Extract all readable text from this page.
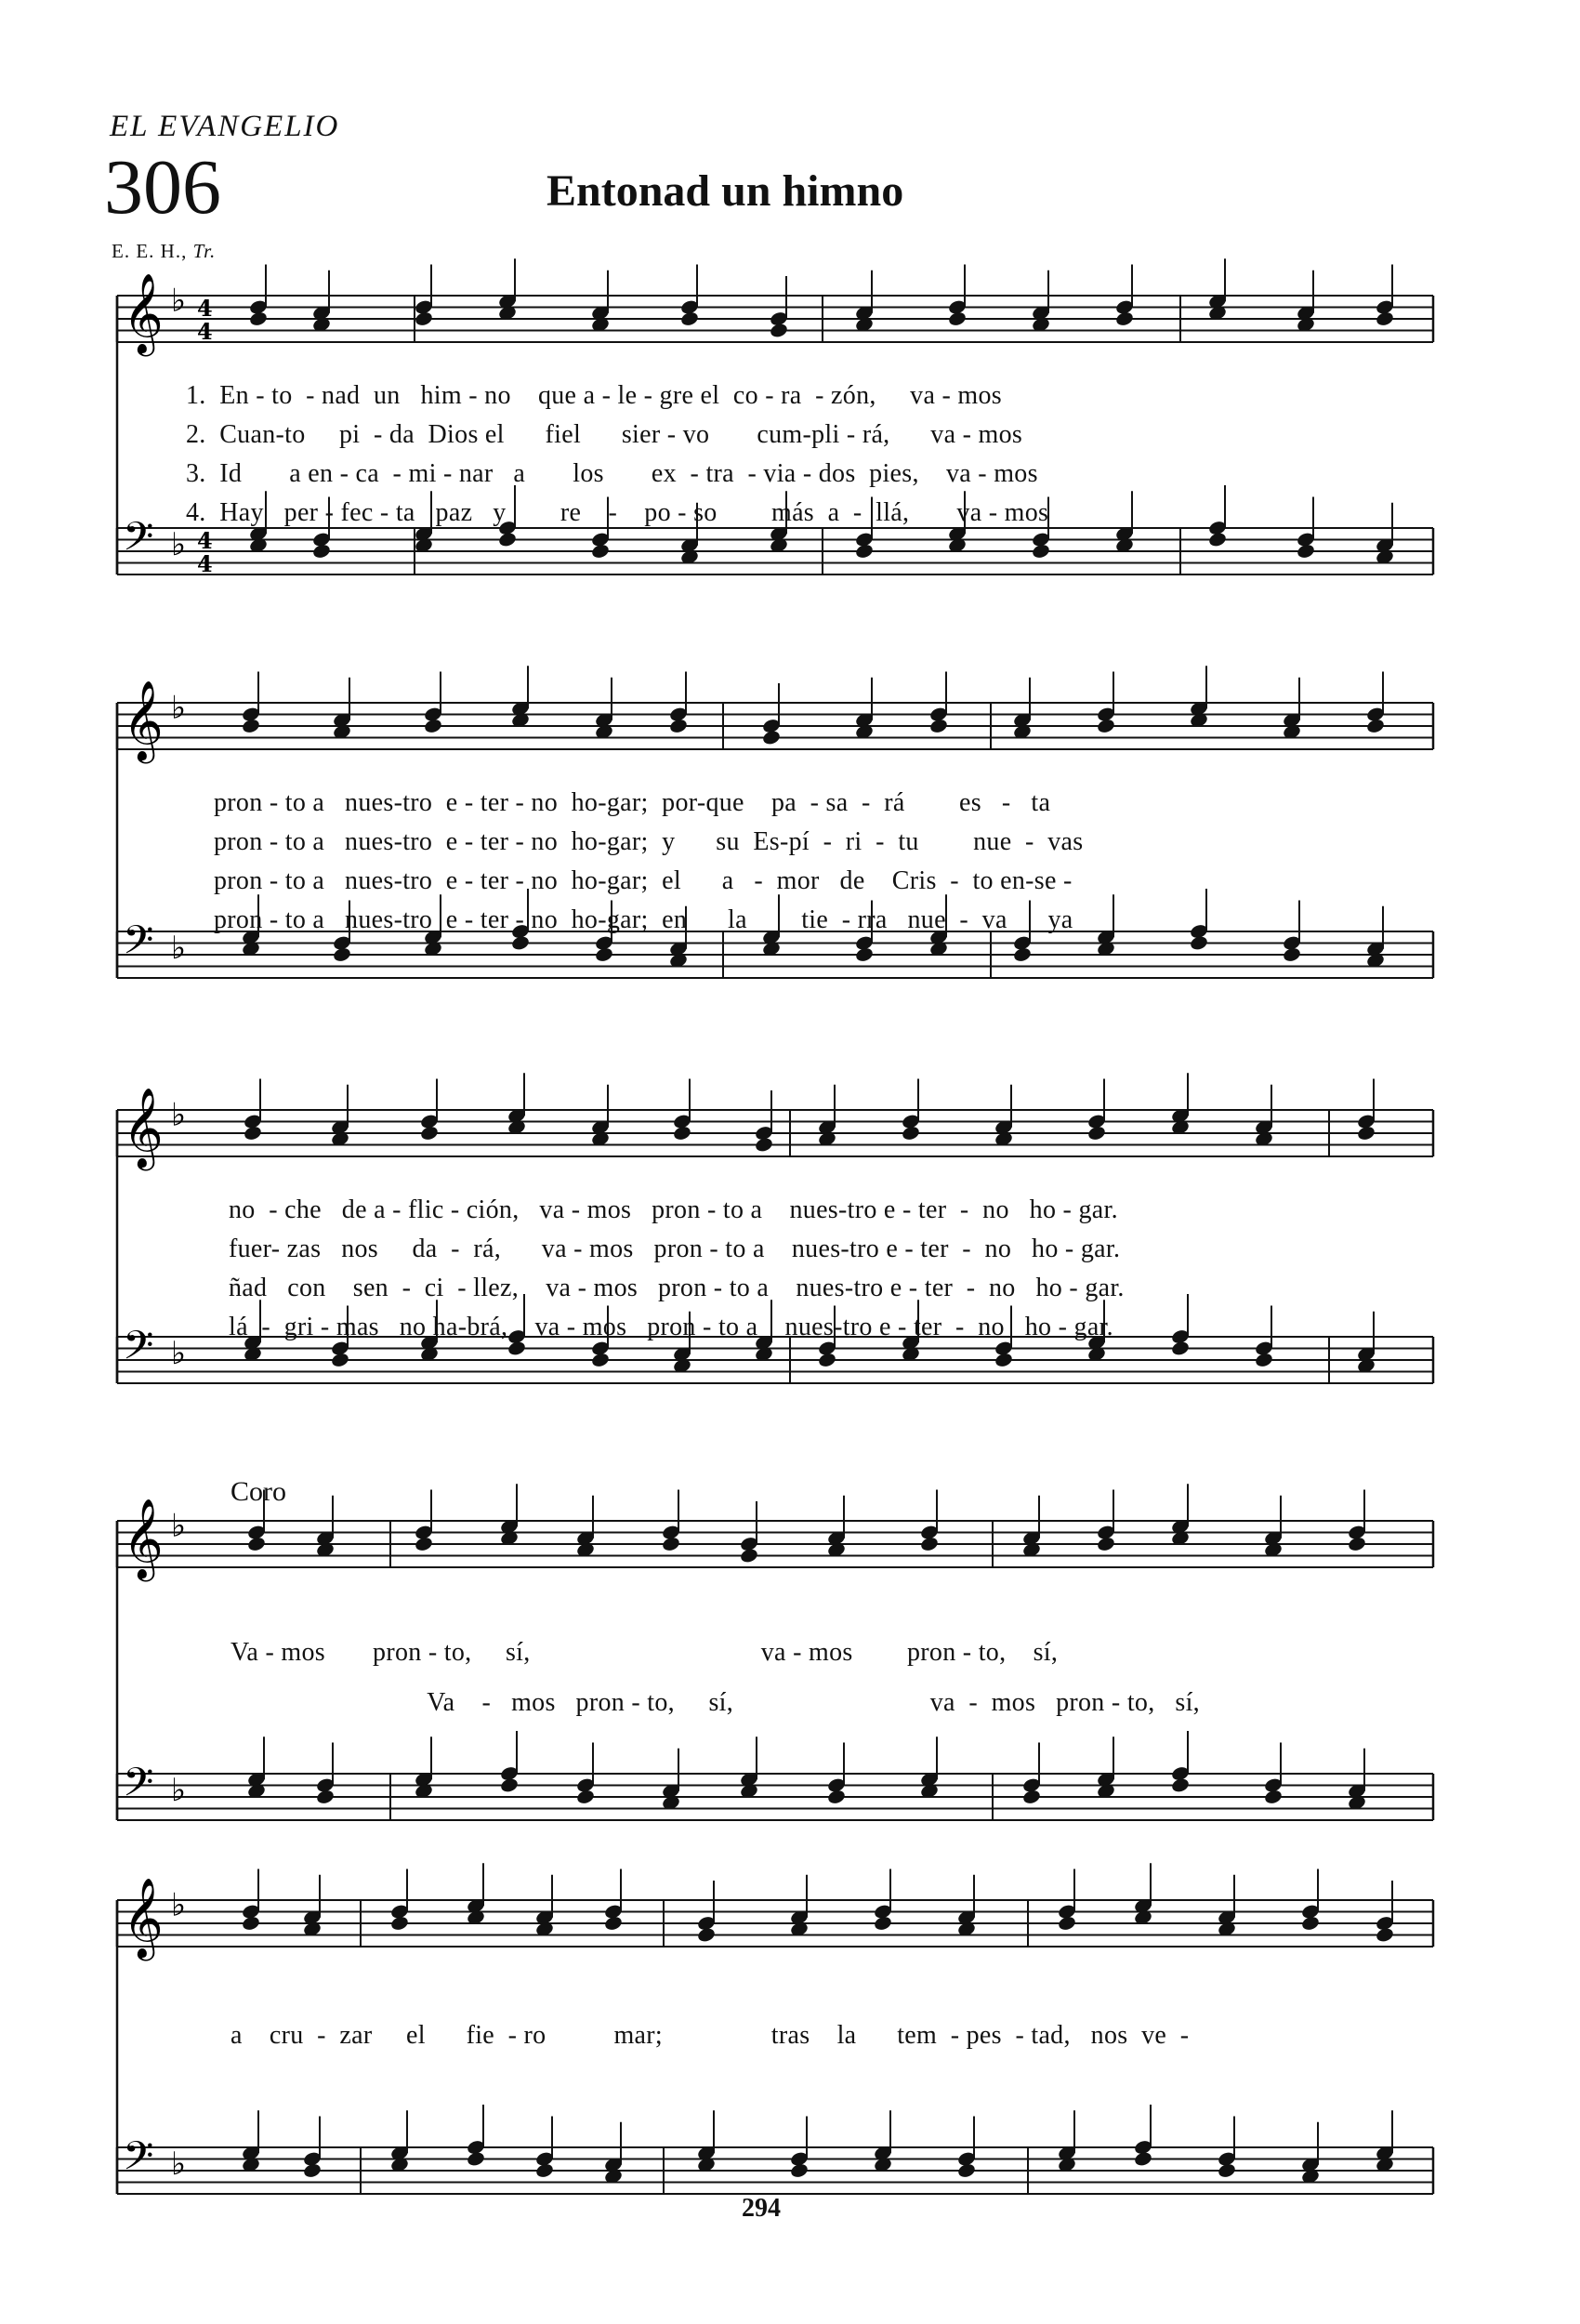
EL EVANGELIO
306	Entonad un himno
E. E. H., Tr.
𝄞 ♭ 4
4
𝄢 ♭ 4
4
𝄞 ♭
𝄢 ♭
𝄞 ♭
𝄢 ♭
𝄞 ♭
𝄢 ♭
𝄞 ♭
𝄢 ♭
1.  En - to  - nad  un   him - no    que a - le - gre el  co - ra  - zón,     va - mos
2.  Cuan-to     pi  - da  Dios el      fiel      sier - vo       cum-pli - rá,      va - mos
3.  Id       a en - ca  - mi - nar   a       los       ex  - tra  - via - dos  pies,    va - mos
4.  Hay   per - fec - ta   paz   y        re    -    po - so        más  a  -  llá,       va - mos
pron - to a   nues-tro  e - ter - no  ho-gar;  por-que    pa  - sa  -  rá        es   -   ta
pron - to a   nues-tro  e - ter - no  ho-gar;  y      su  Es-pí  -  ri  -  tu        nue  -  vas
pron - to a   nues-tro  e - ter - no  ho-gar;  el      a   -  mor   de    Cris  -  to en-se -
pron - to a   nues-tro  e - ter - no  ho-gar;  en      la        tie  - rra   nue  -  va      ya
no  - che   de a - flic - ción,   va - mos   pron - to a    nues-tro e - ter  -  no   ho - gar.
fuer- zas   nos     da  -  rá,      va - mos   pron - to a    nues-tro e - ter  -  no   ho - gar.
ñad   con    sen  -  ci  - llez,    va - mos   pron - to a    nues-tro e - ter  -  no   ho - gar.
lá  -  gri - mas   no ha-brá,    va - mos   pron - to a    nues-tro e - ter  -  no   ho - gar.
Coro
Va - mos       pron - to,     sí,                                  va - mos        pron - to,    sí,
Va    -   mos   pron - to,     sí,                             va  -  mos   pron - to,   sí,
a    cru  -  zar     el      fie  - ro          mar;                tras    la      tem  - pes  - tad,   nos  ve  -
294
